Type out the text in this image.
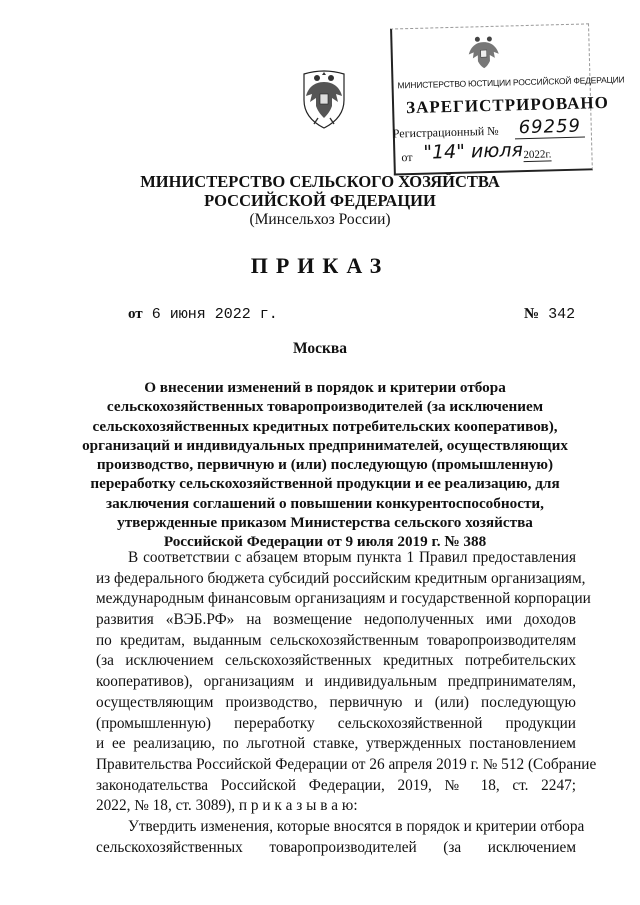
МИНИСТЕРСТВО ЮСТИЦИИ РОССИЙСКОЙ ФЕДЕРАЦИИ
ЗАРЕГИСТРИРОВАНО
Регистрационный № 69259
от "14" июля 2022г.
МИНИСТЕРСТВО СЕЛЬСКОГО ХОЗЯЙСТВА
РОССИЙСКОЙ ФЕДЕРАЦИИ
(Минсельхоз России)
ПРИКАЗ
от 6 июня 2022 г.	№ 342
Москва
О внесении изменений в порядок и критерии отбора
сельскохозяйственных товаропроизводителей (за исключением
сельскохозяйственных кредитных потребительских кооперативов),
организаций и индивидуальных предпринимателей, осуществляющих
производство, первичную и (или) последующую (промышленную)
переработку сельскохозяйственной продукции и ее реализацию, для
заключения соглашений о повышении конкурентоспособности,
утвержденные приказом Министерства сельского хозяйства
Российской Федерации от 9 июля 2019 г. № 388
В соответствии с абзацем вторым пункта 1 Правил предоставления
из федерального бюджета субсидий российским кредитным организациям,
международным финансовым организациям и государственной корпорации
развития «ВЭБ.РФ» на возмещение недополученных ими доходов
по кредитам, выданным сельскохозяйственным товаропроизводителям
(за исключением сельскохозяйственных кредитных потребительских
кооперативов), организациям и индивидуальным предпринимателям,
осуществляющим производство, первичную и (или) последующую
(промышленную) переработку сельскохозяйственной продукции
и ее реализацию, по льготной ставке, утвержденных постановлением
Правительства Российской Федерации от 26 апреля 2019 г. № 512 (Собрание
законодательства Российской Федерации, 2019, № 18, ст. 2247;
2022, № 18, ст. 3089), п р и к а з ы в а ю:
Утвердить изменения, которые вносятся в порядок и критерии отбора
сельскохозяйственных товаропроизводителей (за исключением
